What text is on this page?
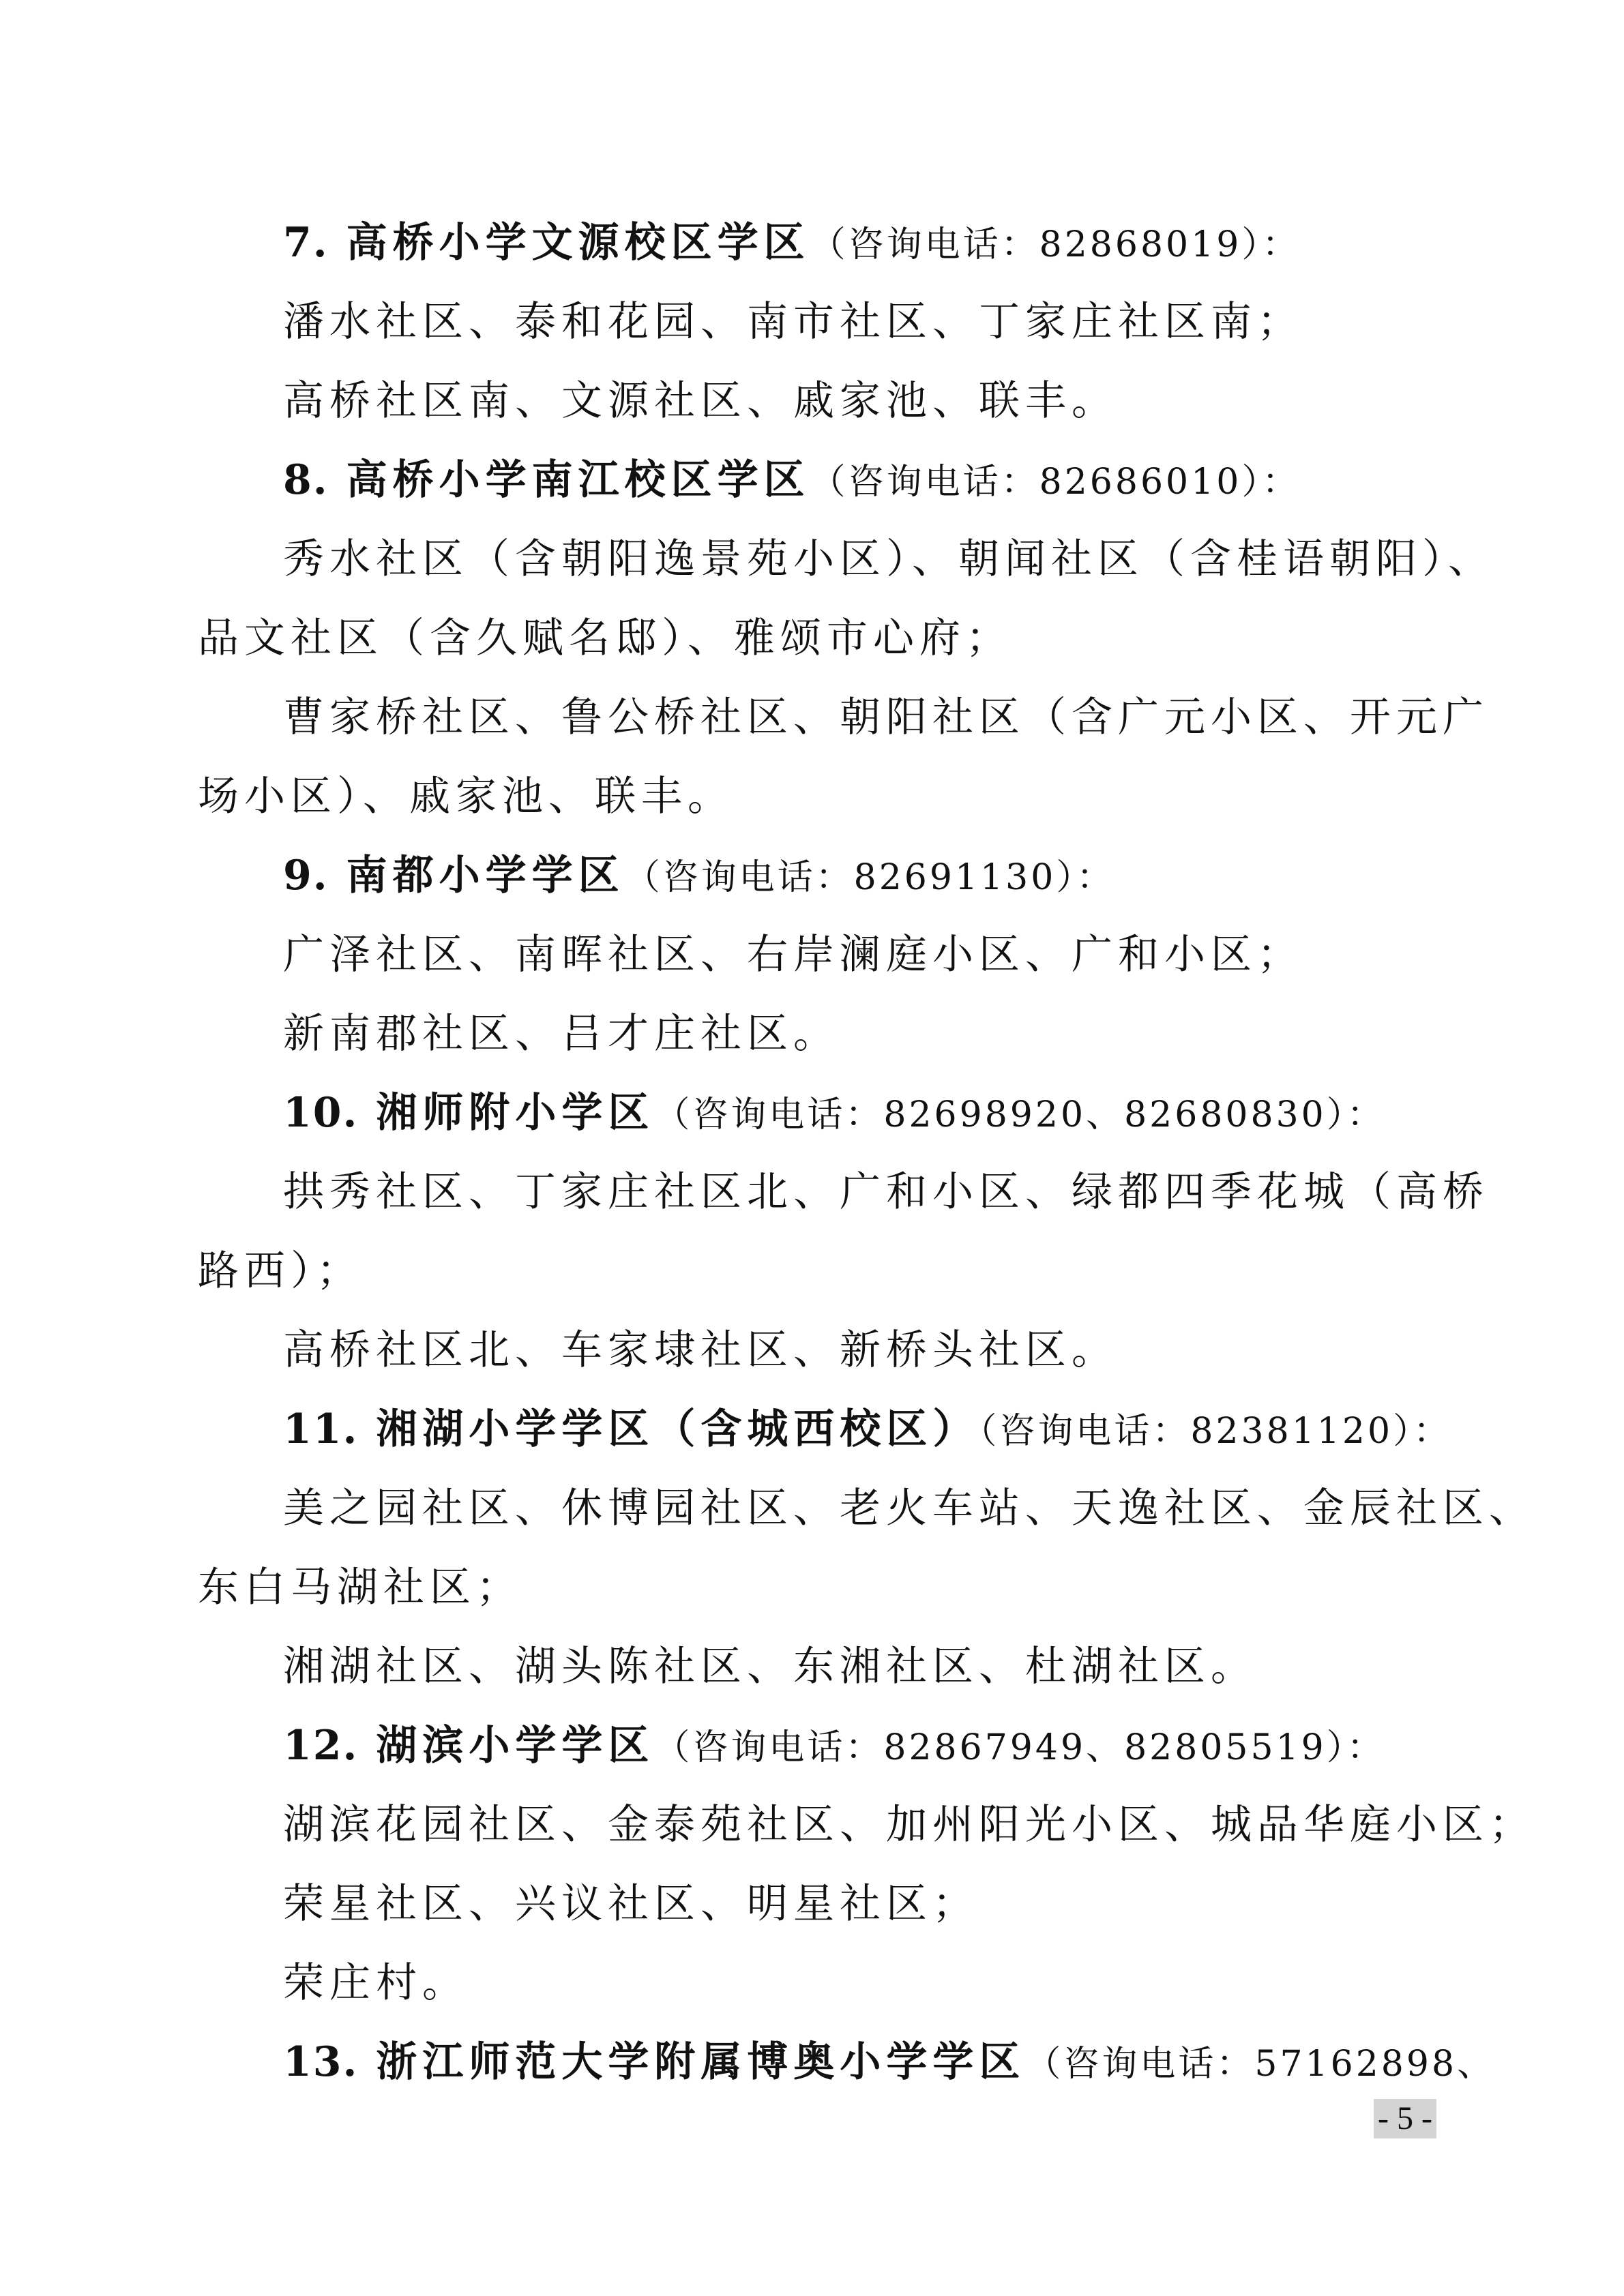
7. 高桥小学文源校区学区（咨询电话：82868019）：
潘水社区、泰和花园、南市社区、丁家庄社区南；
高桥社区南、文源社区、戚家池、联丰。
8. 高桥小学南江校区学区（咨询电话：82686010）：
秀水社区（含朝阳逸景苑小区）、朝闻社区（含桂语朝阳）、
品文社区（含久赋名邸）、雅颂市心府；
曹家桥社区、鲁公桥社区、朝阳社区（含广元小区、开元广
场小区）、戚家池、联丰。
9. 南都小学学区（咨询电话：82691130）：
广泽社区、南晖社区、右岸澜庭小区、广和小区；
新南郡社区、吕才庄社区。
10. 湘师附小学区（咨询电话：82698920、82680830）：
拱秀社区、丁家庄社区北、广和小区、绿都四季花城（高桥
路西）；
高桥社区北、车家埭社区、新桥头社区。
11. 湘湖小学学区（含城西校区）（咨询电话：82381120）：
美之园社区、休博园社区、老火车站、天逸社区、金辰社区、
东白马湖社区；
湘湖社区、湖头陈社区、东湘社区、杜湖社区。
12. 湖滨小学学区（咨询电话：82867949、82805519）：
湖滨花园社区、金泰苑社区、加州阳光小区、城品华庭小区；
荣星社区、兴议社区、明星社区；
荣庄村。
13. 浙江师范大学附属博奥小学学区（咨询电话：57162898、
- 5 -
